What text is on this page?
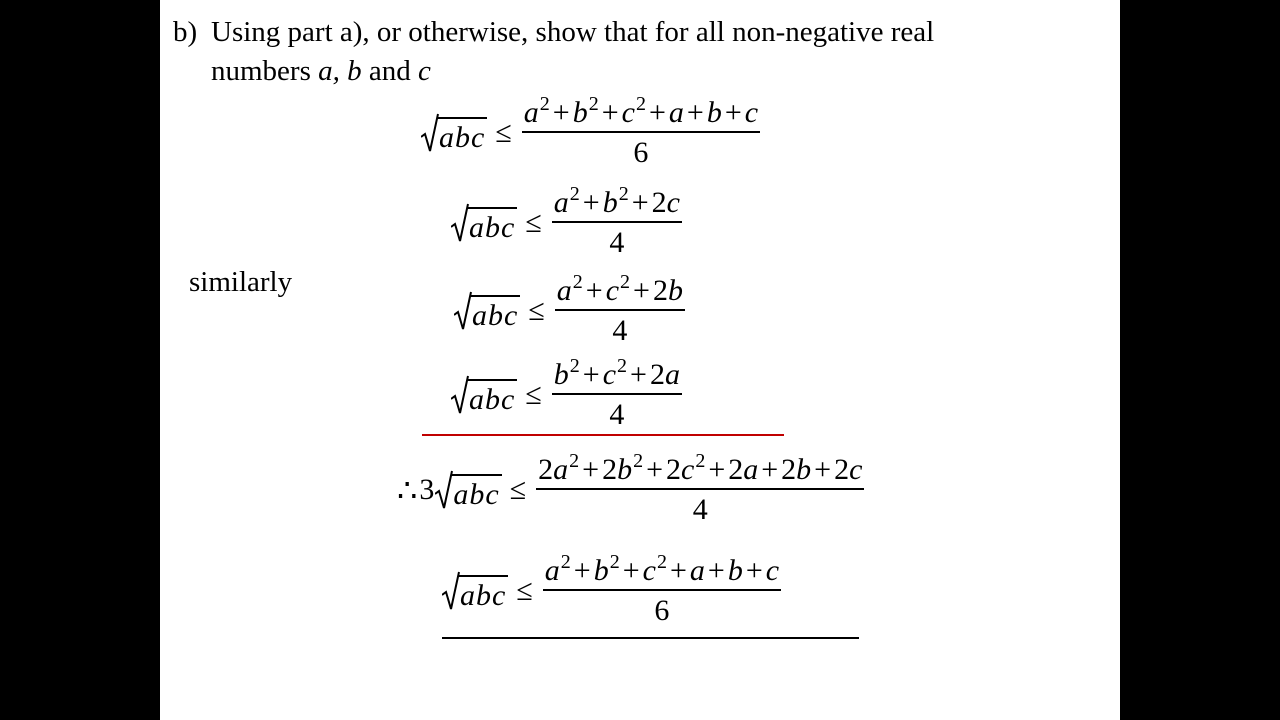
b) Using part a), or otherwise, show that for all non-negative real
numbers a, b and c
similarly
abc ≤ $\frac{a^2 + b^2 + c^2 + a + b + c}{6}$
abc ≤ $\frac{a^2 + b^2 + 2c}{4}$
abc ≤ $\frac{a^2 + c^2 + 2b}{4}$
abc ≤ $\frac{b^2 + c^2 + 2a}{4}$
∴ 3 abc ≤ $\frac{2a^2 + 2b^2 + 2c^2 + 2a + 2b + 2c}{4}$
abc ≤ $\frac{a^2 + b^2 + c^2 + a + b + c}{6}$
